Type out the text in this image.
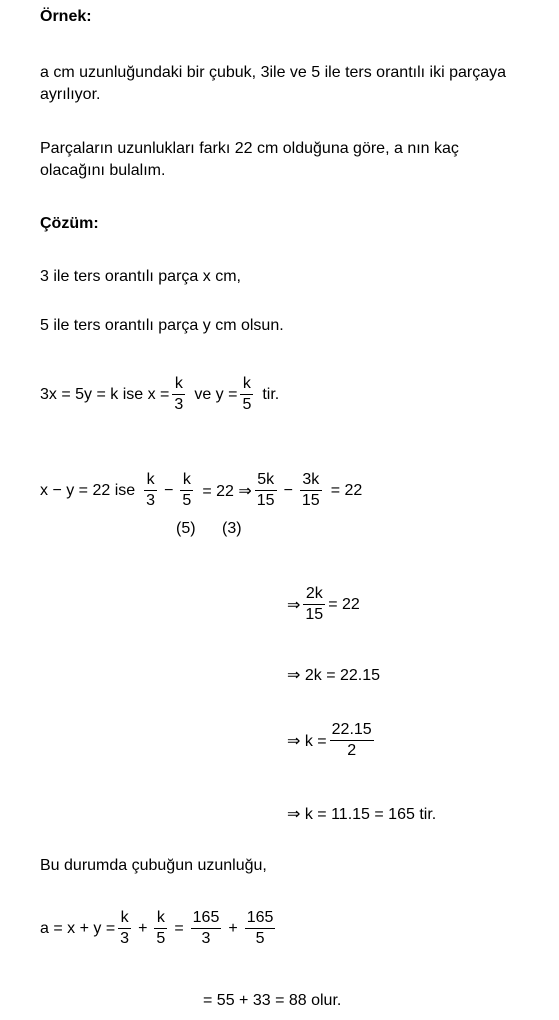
Örnek:
a cm uzunluğundaki bir çubuk, 3ile ve 5 ile ters orantılı iki parçaya ayrılıyor.
Parçaların uzunlukları farkı 22 cm olduğuna göre, a nın kaç olacağını bulalım.
Çözüm:
3 ile ters orantılı parça x cm,
5 ile ters orantılı parça y cm olsun.
3x = 5y = k ise $x = \frac{k}{3}$ ve $y = \frac{k}{5}$ tir.
x − y = 22 ise $\frac{k}{3} - \frac{k}{5} = 22$ ⇒ $\frac{5k}{15} - \frac{3k}{15} = 22$
(5) (3)
⇒ $\frac{2k}{15} = 22$
⇒ 2k = 22.15
⇒ $k = \frac{22.15}{2}$
⇒ k = 11.15 = 165 tir.
Bu durumda çubuğun uzunluğu,
$a = x + y = \frac{k}{3} + \frac{k}{5} = \frac{165}{3} + \frac{165}{5}$
= 55 + 33 = 88 olur.
